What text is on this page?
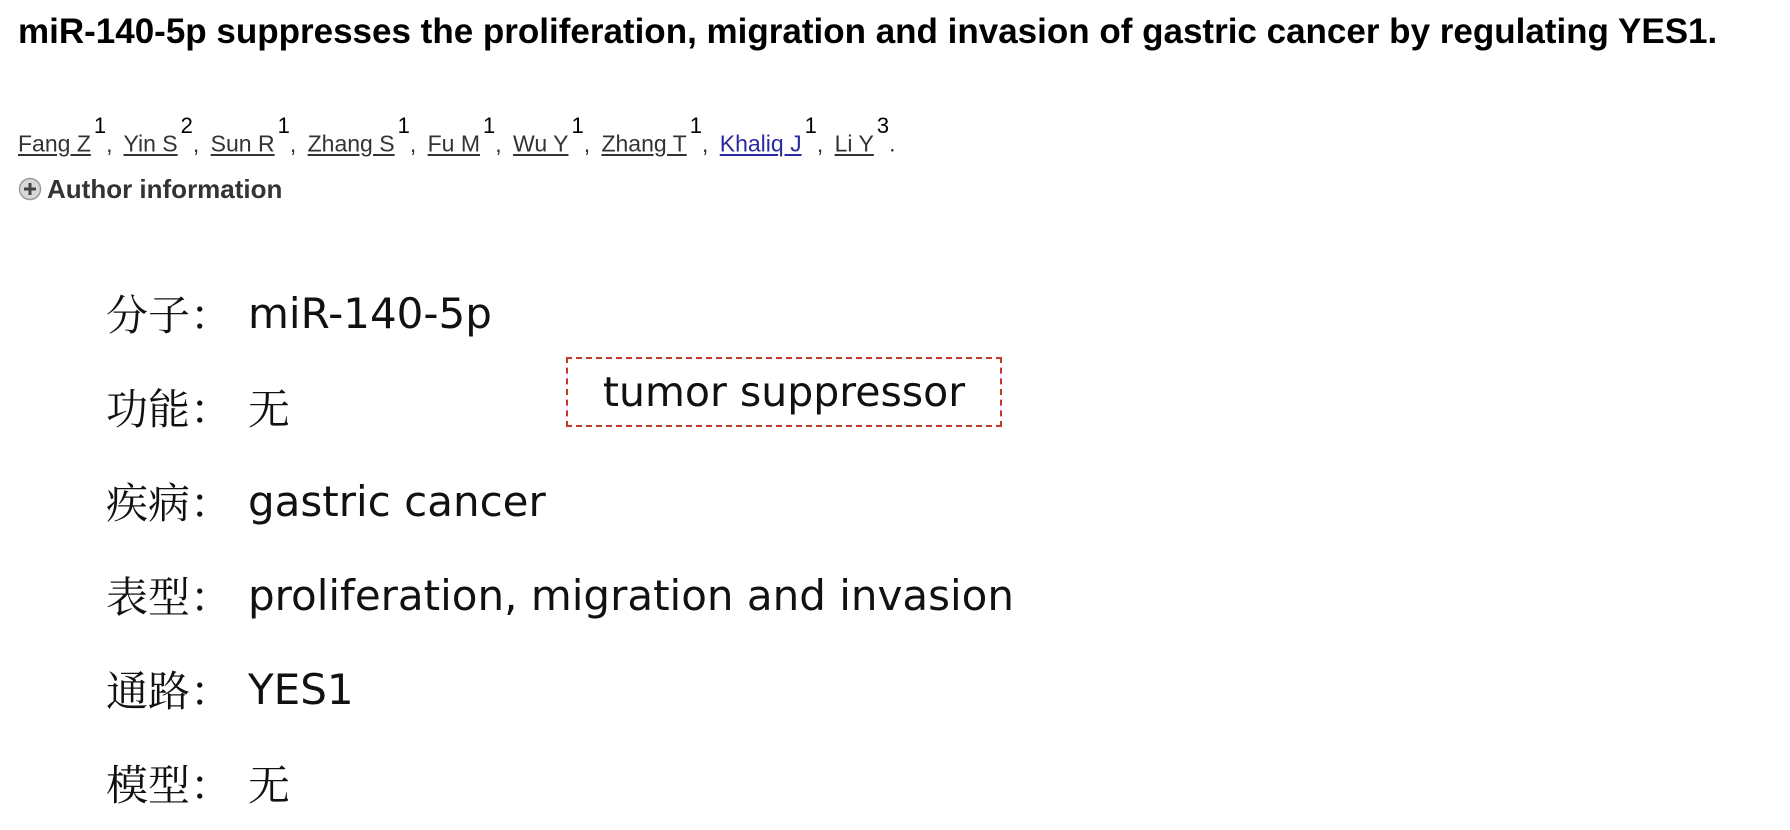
miR-140-5p suppresses the proliferation, migration and invasion of gastric cancer by regulating YES1.
Fang $Z^1$, Yin $S^2$, Sun $R^1$, Zhang $S^1$, Fu $M^1$, Wu $Y^1$, Zhang $T^1$, Khaliq $J^1$, Li $Y^3$.
Author information
分子： miR-140-5p
功能： 无
疾病： gastric cancer
表型： proliferation, migration and invasion
通路： YES1
模型： 无
tumor suppressor
